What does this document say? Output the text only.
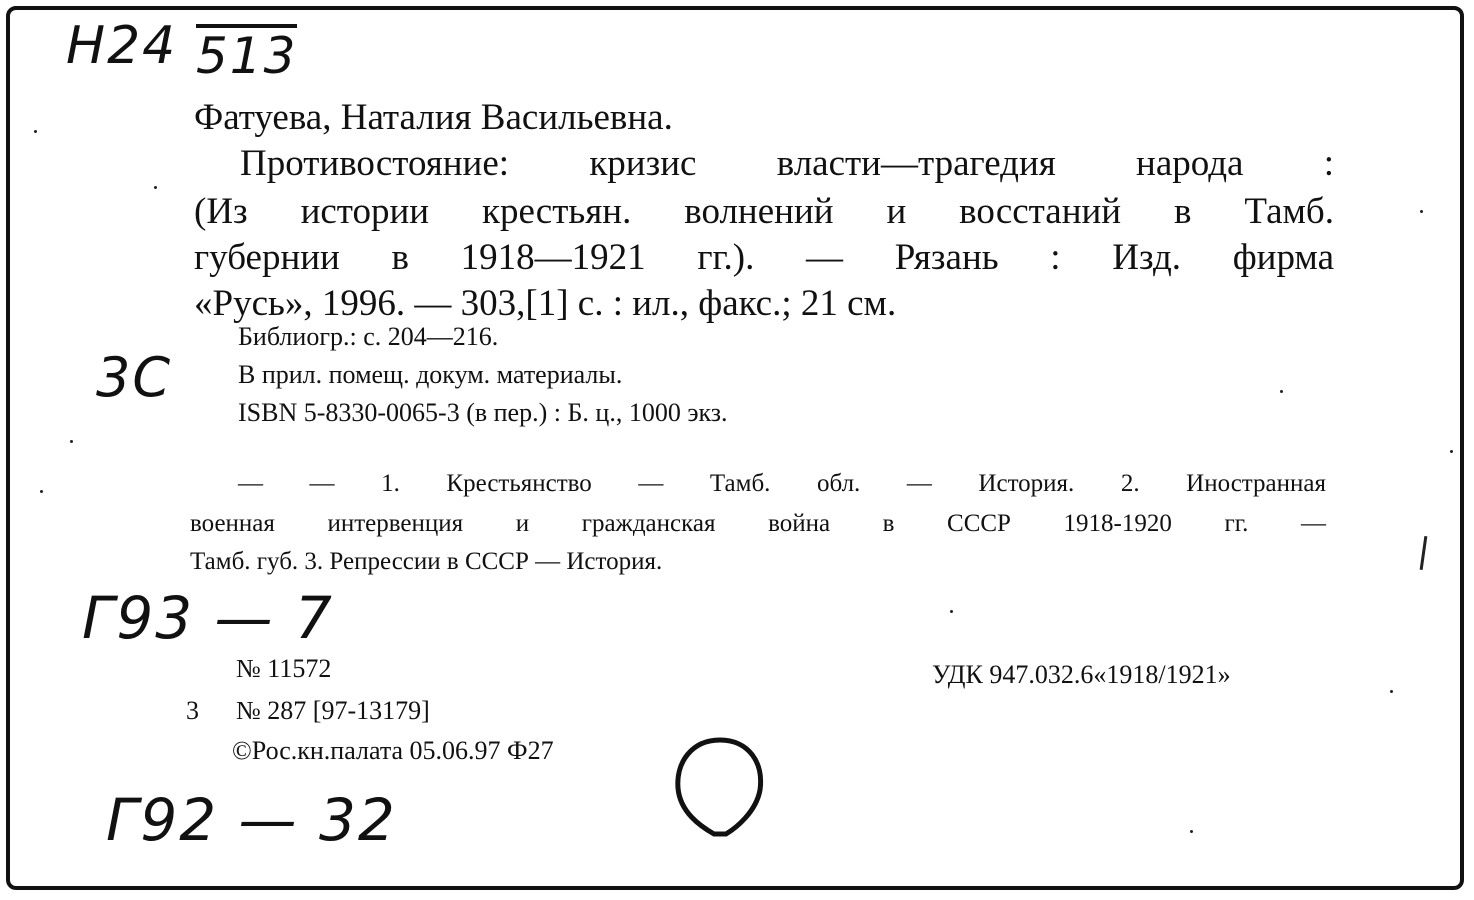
Н24 513
Фатуева, Наталия Васильевна.
Противостояние: кризис власти—трагедия народа :
(Из истории крестьян. волнений и восстаний в Тамб.
губернии в 1918—1921 гг.). — Рязань : Изд. фирма
«Русь», 1996. — 303,[1] с. : ил., факс.; 21 см.
Библиогр.: с. 204—216.
В прил. помещ. докум. материалы.
ISBN 5-8330-0065-3 (в пер.) : Б. ц., 1000 экз.
3С
— — 1. Крестьянство — Тамб. обл. — История. 2. Иностранная
военная интервенция и гражданская война в СССР 1918-1920 гг. —
Тамб. губ. 3. Репрессии в СССР — История.
Г93 — 7
№ 11572	УДК 947.032.6«1918/1921»
3 № 287 [97-13179]
©Рос.кн.палата 05.06.97 Ф27
Г92 — 32
